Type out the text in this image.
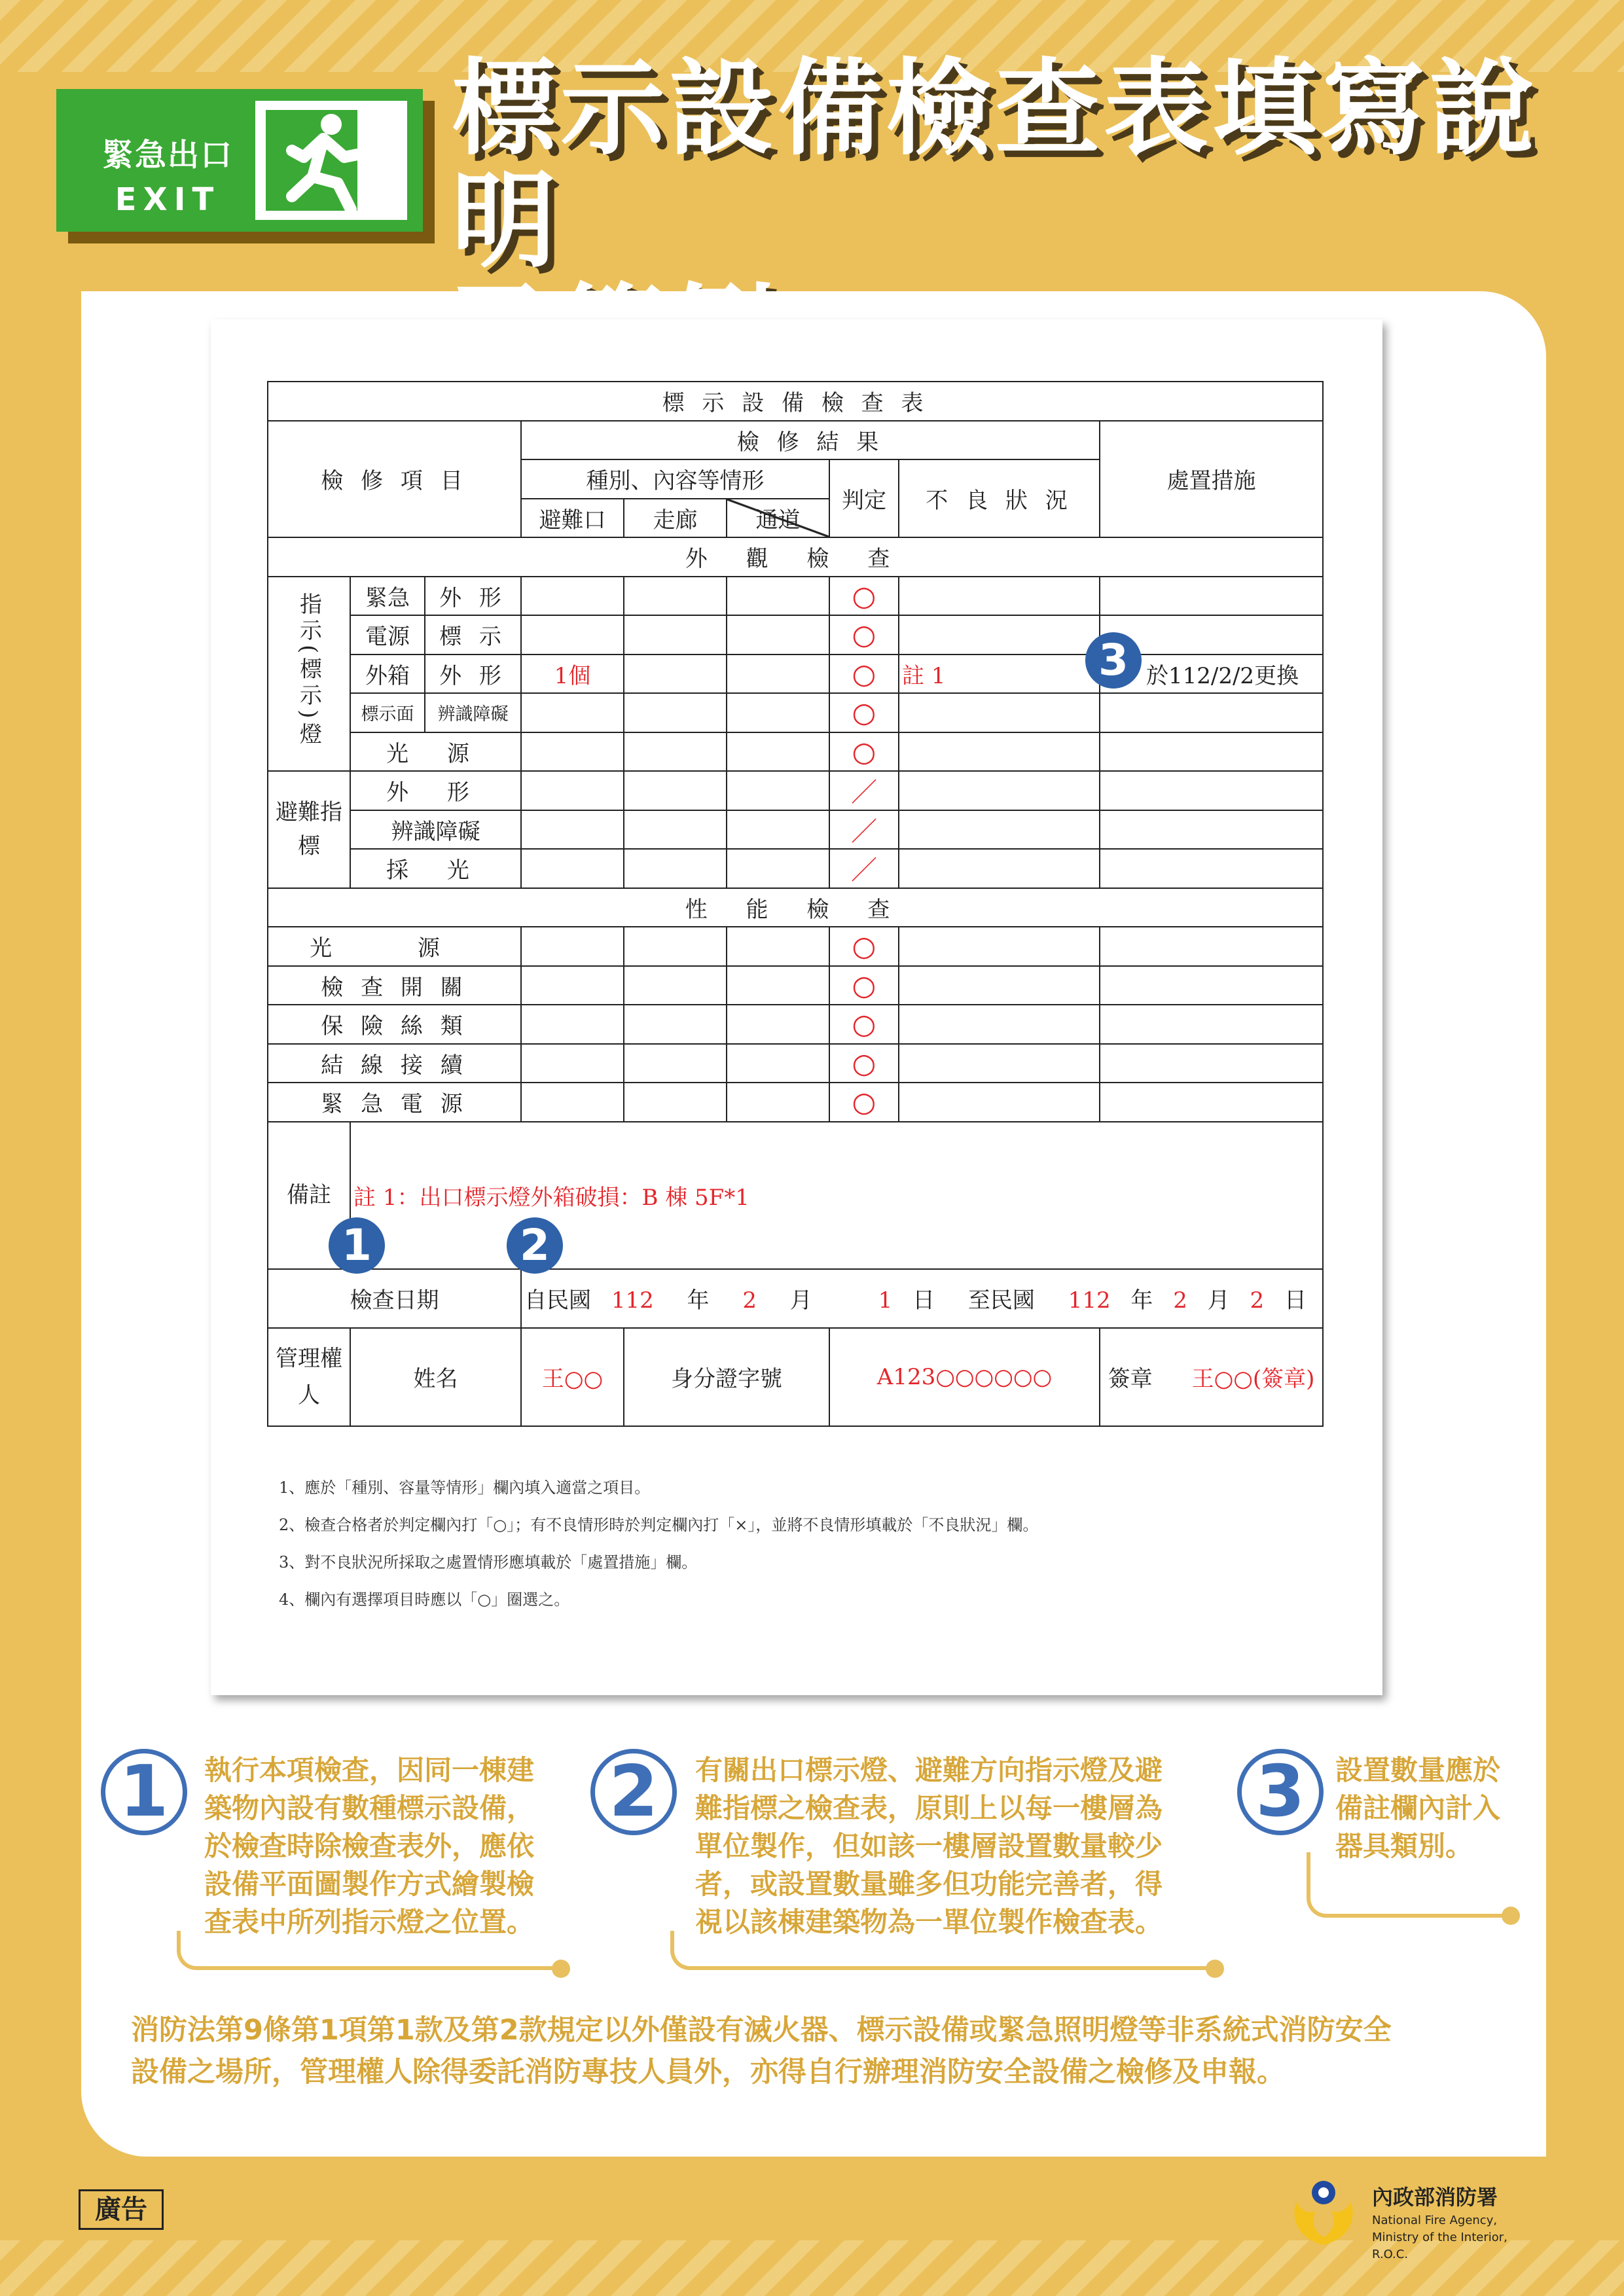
緊急出口
EXIT
標示設備檢查表填寫說明
標 示 設 備 檢 查 表								
檢 修 項 目			檢 修 結 果					處置措施
			種別、內容等情形			判定	不 良 狀 況	
			避難口	走廊	通道			
外 觀 檢 查								
指示(標示)燈	緊急	外 形				○		
	電源	標 示				○		
	外箱	外 形	1個			○	註 1	於112/2/2更換
	標示面	辨識障礙				○		
	光 源					○		
避難指標	外 形					／		
	辨識障礙					／		
	採 光					／		
性 能 檢 查								
光 源						○		
檢 查 開 關						○		
保 險 絲 類						○		
結 線 接 續						○		
緊 急 電 源						○		
備註	註 1：出口標示燈外箱破損：B 棟 5F*1							
檢查日期			自民國 112 年 2 月 1 日 至民國 112 年 2 月 2 日					
管理權人	姓名		王○○	身分證字號		A123○○○○○○		簽章 王○○(簽章)
1	2
3
1、應於「種別、容量等情形」欄內填入適當之項目。
2、檢查合格者於判定欄內打「○」；有不良情形時於判定欄內打「×」，並將不良情形填載於「不良狀況」欄。
3、對不良狀況所採取之處置情形應填載於「處置措施」欄。
4、欄內有選擇項目時應以「○」圈選之。
1	執行本項檢查，因同一棟建
築物內設有數種標示設備，
於檢查時除檢查表外，應依
設備平面圖製作方式繪製檢
查表中所列指示燈之位置。
2	有關出口標示燈、避難方向指示燈及避
難指標之檢查表，原則上以每一樓層為
單位製作，但如該一樓層設置數量較少
者，或設置數量雖多但功能完善者，得
視以該棟建築物為一單位製作檢查表。
3	設置數量應於
備註欄內計入
器具類別。
消防法第9條第1項第1款及第2款規定以外僅設有滅火器、標示設備或緊急照明燈等非系統式消防安全
設備之場所，管理權人除得委託消防專技人員外，亦得自行辦理消防安全設備之檢修及申報。
廣告	內政部消防署
National Fire Agency,
Ministry of the Interior, R.O.C.
